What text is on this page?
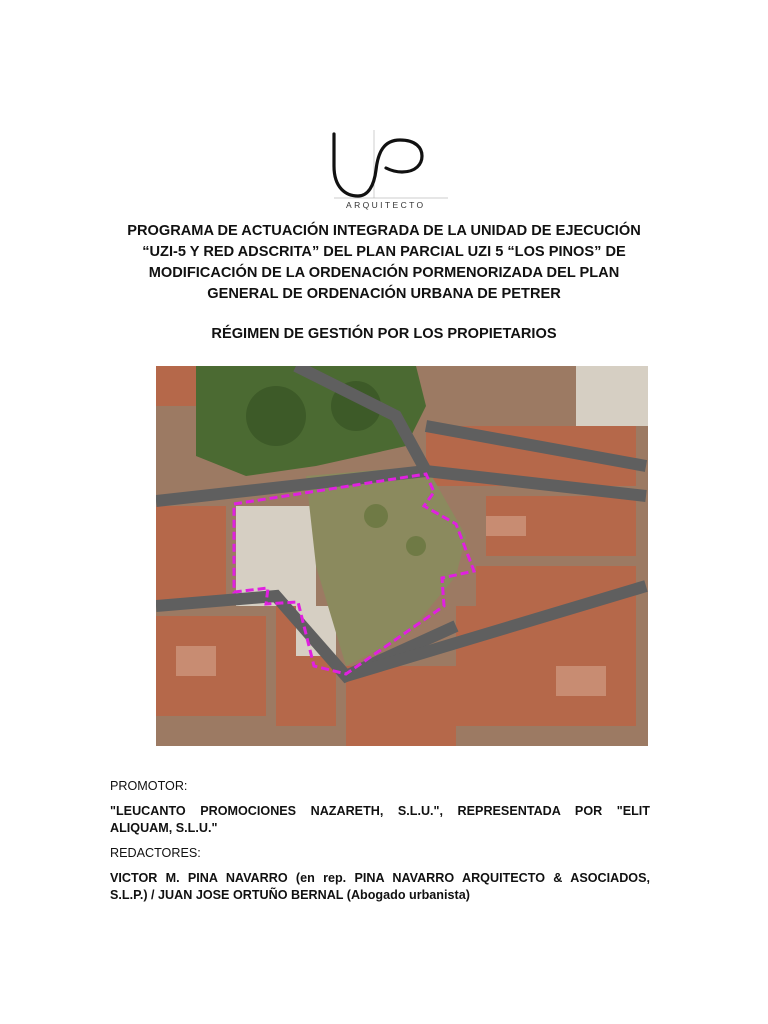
ARQUITECTO
PROGRAMA DE ACTUACIÓN INTEGRADA DE LA UNIDAD DE EJECUCIÓN
“UZI-5 Y RED ADSCRITA” DEL PLAN PARCIAL UZI 5 “LOS PINOS” DE
MODIFICACIÓN DE LA ORDENACIÓN PORMENORIZADA DEL PLAN
GENERAL DE ORDENACIÓN URBANA DE PETRER
RÉGIMEN DE GESTIÓN POR LOS PROPIETARIOS
PROMOTOR:
"LEUCANTO PROMOCIONES NAZARETH, S.L.U.", REPRESENTADA POR "ELIT
ALIQUAM, S.L.U."
REDACTORES:
VICTOR M. PINA NAVARRO (en rep. PINA NAVARRO ARQUITECTO & ASOCIADOS,
S.L.P.) / JUAN JOSE ORTUÑO BERNAL (Abogado urbanista)
